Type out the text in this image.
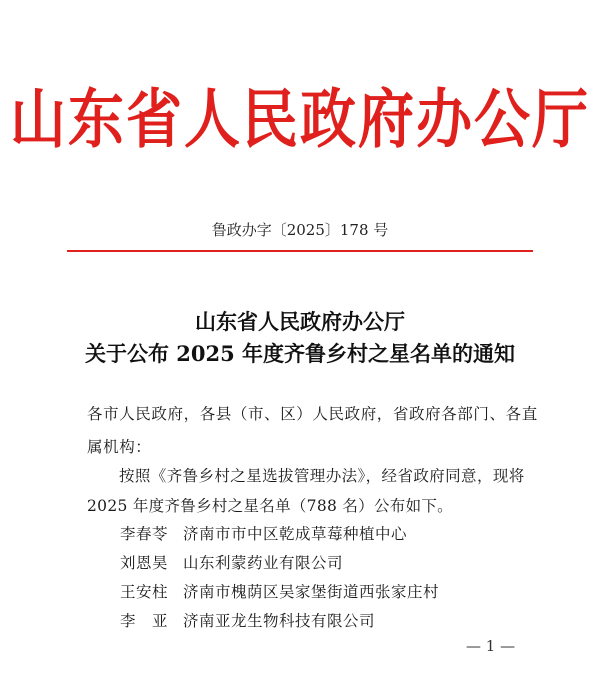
山东省人民政府办公厅
鲁政办字〔2025〕178 号
山东省人民政府办公厅
关于公布 2025 年度齐鲁乡村之星名单的通知
各市人民政府，各县（市、区）人民政府，省政府各部门、各直
属机构：
按照《齐鲁乡村之星选拔管理办法》，经省政府同意，现将
2025 年度齐鲁乡村之星名单（788 名）公布如下。
李春苓 济南市市中区乾成草莓种植中心
刘恩昊 山东利蒙药业有限公司
王安柱 济南市槐荫区吴家堡街道西张家庄村
李　亚 济南亚龙生物科技有限公司
— 1 —
